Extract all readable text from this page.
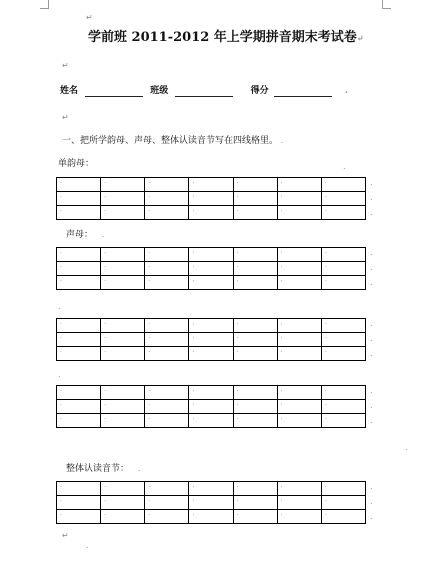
↵
学前班 2011-2012 年上学期拼音期末考试卷↵
↵
姓名	班级	得分	.
↵
一、把所学韵母、声母、整体认读音节写在四线格里。 .
单韵母：	.
.	.	.	.	.	.	.
.	.	.	.	.	.	.
.	.	.	.	.	.	.
声母： .
.	.	.	.	.	.	.
.	.	.	.	.	.	.
.	.	.	.	.	.	.
.
.	.	.	.	.	.	.
.	.	.	.	.	.	.
.	.	.	.	.	.	.
.
.	.	.	.	.	.	.
.	.	.	.	.	.	.
.	.	.	.	.	.	.
.
整体认读音节： .
.	.	.	.	.	.	.
.	.	.	.	.	.	.
.	.	.	.	.	.	.
↵
.
.
.
.
.
.
.
.
.
.
.
.
.
.
.
.
